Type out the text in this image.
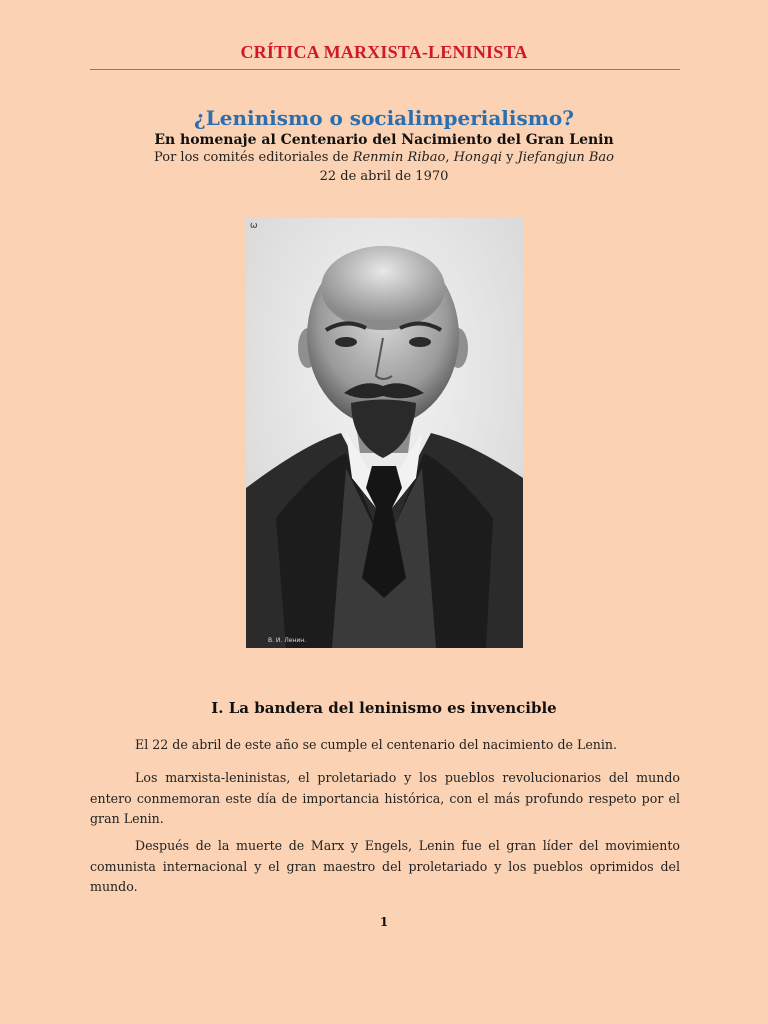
CRÍTICA MARXISTA-LENINISTA
¿Leninismo o socialimperialismo?
En homenaje al Centenario del Nacimiento del Gran Lenin
Por los comités editoriales de Renmin Ribao, Hongqi y Jiefangjun Bao
22 de abril de 1970
ω
В. И. Ленин.
I. La bandera del leninismo es invencible

El 22 de abril de este año se cumple el centenario del nacimiento de Lenin.

Los marxista-leninistas, el proletariado y los pueblos revolucionarios del mundo entero conmemoran este día de importancia histórica, con el más profundo respeto por el gran Lenin.

Después de la muerte de Marx y Engels, Lenin fue el gran líder del movimiento comunista internacional y el gran maestro del proletariado y los pueblos oprimidos del mundo.

1
